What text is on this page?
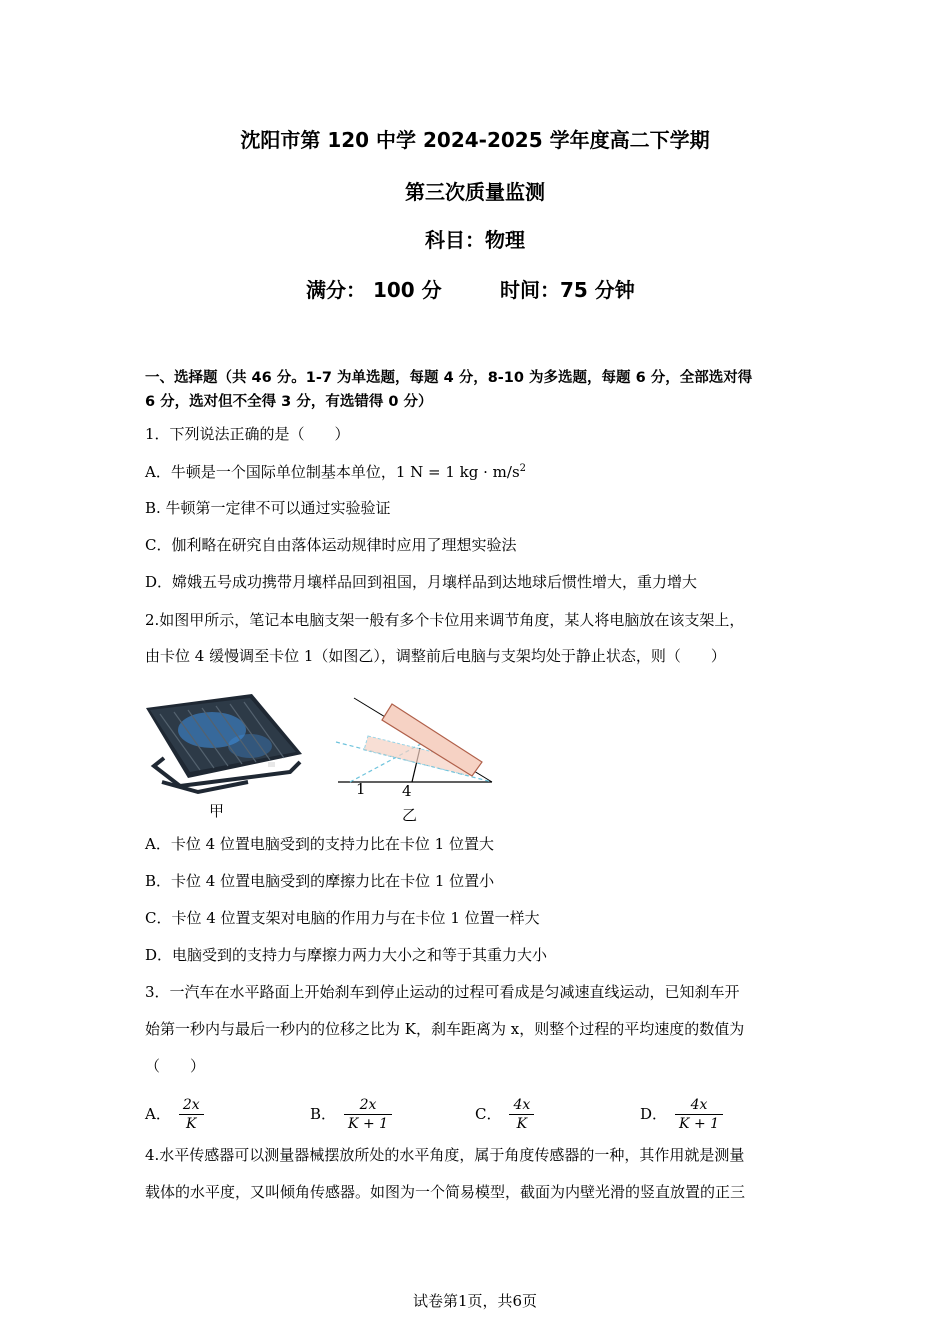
沈阳市第 120 中学 2024-2025 学年度高二下学期
第三次质量监测
科目：物理
满分： 100 分	时间：75 分钟
一、选择题（共 46 分。1-7 为单选题，每题 4 分，8-10 为多选题，每题 6 分，全部选对得
6 分，选对但不全得 3 分，有选错得 0 分）
1．下列说法正确的是（　　）
A．牛顿是一个国际单位制基本单位，1 N = 1 kg · $m/s^2$
B. 牛顿第一定律不可以通过实验验证
C．伽利略在研究自由落体运动规律时应用了理想实验法
D．嫦娥五号成功携带月壤样品回到祖国，月壤样品到达地球后惯性增大，重力增大
2.如图甲所示，笔记本电脑支架一般有多个卡位用来调节角度，某人将电脑放在该支架上，
由卡位 4 缓慢调至卡位 1（如图乙），调整前后电脑与支架均处于静止状态，则（　　）
甲
1 4
乙
A．卡位 4 位置电脑受到的支持力比在卡位 1 位置大
B．卡位 4 位置电脑受到的摩擦力比在卡位 1 位置小
C．卡位 4 位置支架对电脑的作用力与在卡位 1 位置一样大
D．电脑受到的支持力与摩擦力两力大小之和等于其重力大小
3．一汽车在水平路面上开始刹车到停止运动的过程可看成是匀减速直线运动，已知刹车开
始第一秒内与最后一秒内的位移之比为 K，刹车距离为 x，则整个过程的平均速度的数值为
（　　）
A． $\frac{2x}{K}$	B． $\frac{2x}{K + 1}$	C． $\frac{4x}{K}$	D． $\frac{4x}{K + 1}$
4.水平传感器可以测量器械摆放所处的水平角度，属于角度传感器的一种，其作用就是测量
载体的水平度，又叫倾角传感器。如图为一个简易模型，截面为内壁光滑的竖直放置的正三
试卷第1页，共6页
